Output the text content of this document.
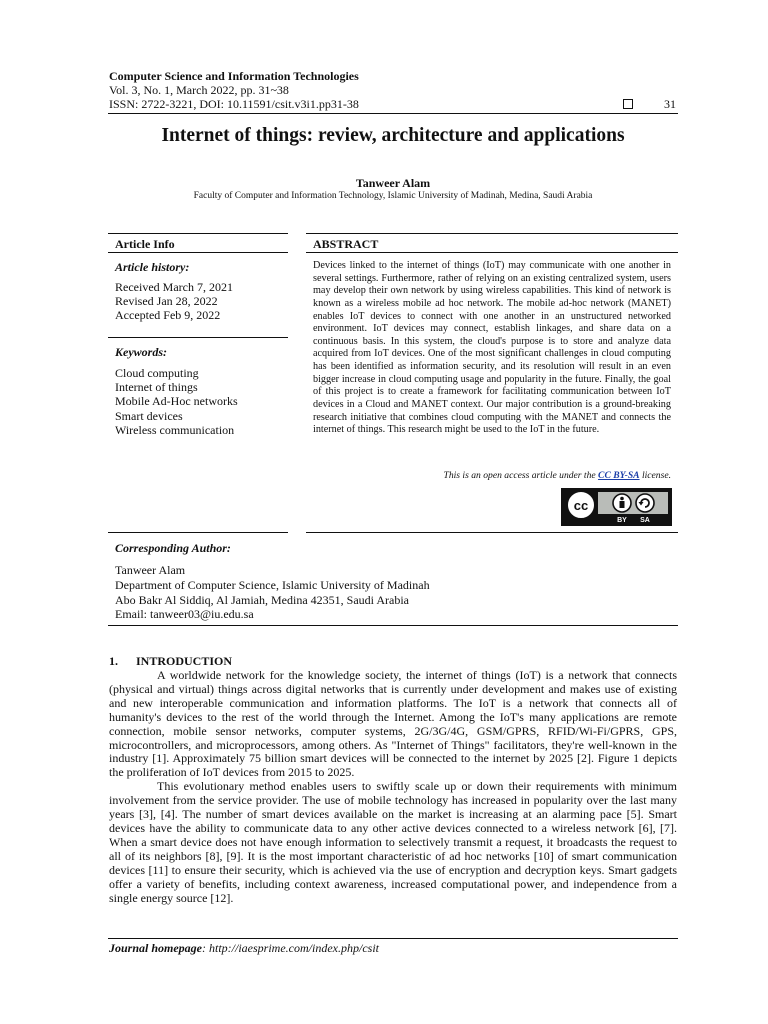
Computer Science and Information Technologies
Vol. 3, No. 1, March 2022, pp. 31~38
ISSN: 2722-3221, DOI: 10.11591/csit.v3i1.pp31-38	31
Internet of things: review, architecture and applications
Tanweer Alam
Faculty of Computer and Information Technology, Islamic University of Madinah, Medina, Saudi Arabia
Article Info
Article history:
Received March 7, 2021
Revised Jan 28, 2022
Accepted Feb 9, 2022
Keywords:
Cloud computing
Internet of things
Mobile Ad-Hoc networks
Smart devices
Wireless communication
ABSTRACT
Devices linked to the internet of things (IoT) may communicate with one another in several settings. Furthermore, rather of relying on an existing centralized system, users may develop their own network by using wireless capabilities. This kind of network is known as a wireless mobile ad hoc network. The mobile ad-hoc network (MANET) enables IoT devices to connect with one another in an unstructured networked environment. IoT devices may connect, establish linkages, and share data on a continuous basis. In this system, the cloud's purpose is to store and analyze data acquired from IoT devices. One of the most significant challenges in cloud computing has been identified as information security, and its resolution will result in an even bigger increase in cloud computing usage and popularity in the future. Finally, the goal of this project is to create a framework for facilitating communication between IoT devices in a Cloud and MANET context. Our major contribution is a ground-breaking research initiative that combines cloud computing with the MANET and connects the internet of things. This research might be used to the IoT in the future.
This is an open access article under the CC BY-SA license.
cc
BY SA
Corresponding Author:
Tanweer Alam
Department of Computer Science, Islamic University of Madinah
Abo Bakr Al Siddiq, Al Jamiah, Medina 42351, Saudi Arabia
Email: tanweer03@iu.edu.sa
1. INTRODUCTION

A worldwide network for the knowledge society, the internet of things (IoT) is a network that connects (physical and virtual) things across digital networks that is currently under development and makes use of existing and new interoperable communication and information platforms. The IoT is a network that connects all of humanity's devices to the rest of the world through the Internet. Among the IoT's many applications are remote connection, mobile sensor networks, computer systems, 2G/3G/4G, GSM/GPRS, RFID/Wi-Fi/GPRS, GPS, microcontrollers, and microprocessors, among others. As "Internet of Things" facilitators, they're well-known in the industry [1]. Approximately 75 billion smart devices will be connected to the internet by 2025 [2]. Figure 1 depicts the proliferation of IoT devices from 2015 to 2025.

This evolutionary method enables users to swiftly scale up or down their requirements with minimum involvement from the service provider. The use of mobile technology has increased in popularity over the last many years [3], [4]. The number of smart devices available on the market is increasing at an alarming pace [5]. Smart devices have the ability to communicate data to any other active devices connected to a wireless network [6], [7]. When a smart device does not have enough information to selectively transmit a request, it broadcasts the request to all of its neighbors [8], [9]. It is the most important characteristic of ad hoc networks [10] of smart communication devices [11] to ensure their security, which is achieved via the use of encryption and decryption keys. Smart gadgets offer a variety of benefits, including context awareness, increased computational power, and independence from a single energy source [12].

Journal homepage: http://iaesprime.com/index.php/csit
